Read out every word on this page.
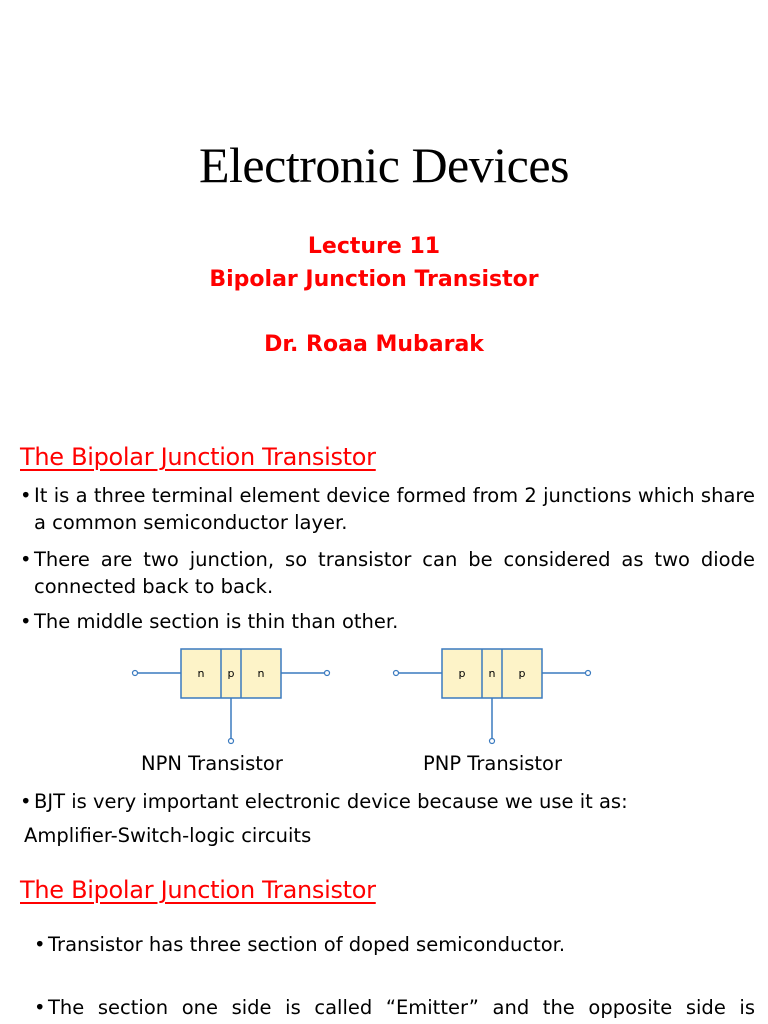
Electronic Devices
Lecture 11
Bipolar Junction Transistor
Dr. Roaa Mubarak
The Bipolar Junction Transistor
• It is a three terminal element device formed from 2 junctions which share a common semiconductor layer.
• There are two junction, so transistor can be considered as two diode connected back to back.
• The middle section is thin than other.
n p n	p n p
NPN Transistor	PNP Transistor
• BJT is very important electronic device because we use it as:
Amplifier-Switch-logic circuits
The Bipolar Junction Transistor
• Transistor has three section of doped semiconductor.
• The section one side is called “Emitter” and the opposite side is
